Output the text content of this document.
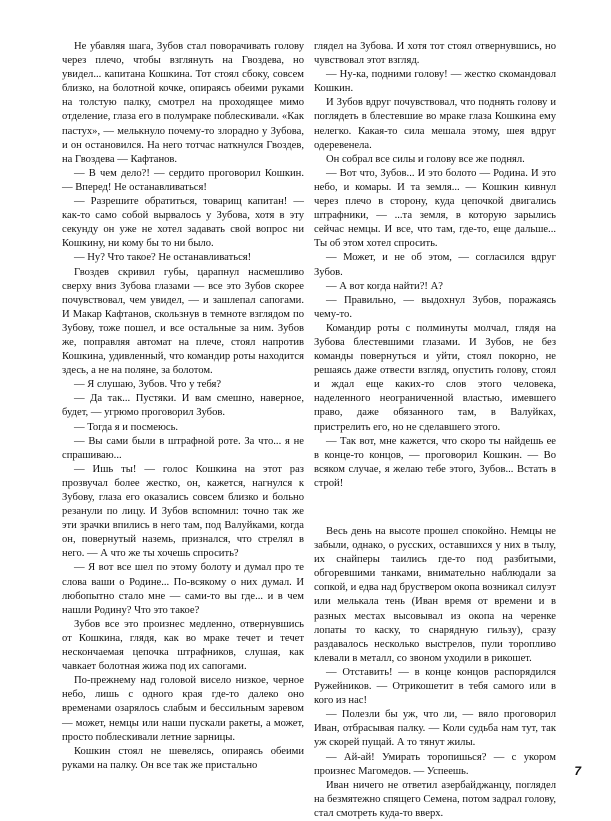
Не убавляя шага, Зубов стал поворачивать голову через плечо, чтобы взглянуть на Гвоздева, но увидел... капитана Кошкина. Тот стоял сбоку, совсем близко, на болотной кочке, опираясь обеими руками на толстую палку, смотрел на проходящее мимо отделение, глаза его в полумраке поблескивали. «Как пастух», — мелькнуло почему-то злорадно у Зубова, и он остановился. На него тотчас наткнулся Гвоздев, на Гвоздева — Кафтанов.

— В чем дело?! — сердито проговорил Кошкин. — Вперед! Не останавливаться!

— Разрешите обратиться, товарищ капитан! — как-то само собой вырвалось у Зубова, хотя в эту секунду он уже не хотел задавать свой вопрос ни Кошкину, ни кому бы то ни было.

— Ну? Что такое? Не останавливаться!

Гвоздев скривил губы, царапнул насмешливо сверху вниз Зубова глазами — все это Зубов скорее почувствовал, чем увидел, — и зашлепал сапогами. И Макар Кафтанов, скользнув в темноте взглядом по Зубову, тоже пошел, и все остальные за ним. Зубов же, поправляя автомат на плече, стоял напротив Кошкина, удивленный, что командир роты находится здесь, а не на поляне, за болотом.

— Я слушаю, Зубов. Что у тебя?

— Да так... Пустяки. И вам смешно, наверное, будет, — угрюмо проговорил Зубов.

— Тогда я и посмеюсь.

— Вы сами были в штрафной роте. За что... я не спрашиваю...

— Ишь ты! — голос Кошкина на этот раз прозвучал более жестко, он, кажется, нагнулся к Зубову, глаза его оказались совсем близко и больно резанули по лицу. И Зубов вспомнил: точно так же эти зрачки впились в него там, под Валуйками, когда он, повернутый наземь, признался, что стрелял в него. — А что же ты хочешь спросить?

— Я вот все шел по этому болоту и думал про те слова ваши о Родине... По-всякому о них думал. И любопытно стало мне — сами-то вы где... и в чем нашли Родину? Что это такое?

Зубов все это произнес медленно, отвернувшись от Кошкина, глядя, как во мраке течет и течет нескончаемая цепочка штрафников, слушая, как чавкает болотная жижа под их сапогами.

По-прежнему над головой висело низкое, черное небо, лишь с одного края где-то далеко оно временами озарялось слабым и бессильным заревом — может, немцы или наши пускали ракеты, а может, просто поблескивали летние зарницы.

Кошкин стоял не шевелясь, опираясь обеими руками на палку. Он все так же пристально

глядел на Зубова. И хотя тот стоял отвернувшись, но чувствовал этот взгляд.

— Ну-ка, подними голову! — жестко скомандовал Кошкин.

И Зубов вдруг почувствовал, что поднять голову и поглядеть в блестевшие во мраке глаза Кошкина ему нелегко. Какая-то сила мешала этому, шея вдруг одеревенела.

Он собрал все силы и голову все же поднял.

— Вот что, Зубов... И это болото — Родина. И это небо, и комары. И та земля... — Кошкин кивнул через плечо в сторону, куда цепочкой двигались штрафники, — ...та земля, в которую зарылись сейчас немцы. И все, что там, где-то, еще дальше... Ты об этом хотел спросить.

— Может, и не об этом, — согласился вдруг Зубов.

— А вот когда найти?! А?

— Правильно, — выдохнул Зубов, поражаясь чему-то.

Командир роты с полминуты молчал, глядя на Зубова блестевшими глазами. И Зубов, не без команды повернуться и уйти, стоял покорно, не решаясь даже отвести взгляд, опустить голову, стоял и ждал еще каких-то слов этого человека, наделенного неограниченной властью, имевшего право, даже обязанного там, в Валуйках, пристрелить его, но не сделавшего этого.

— Так вот, мне кажется, что скоро ты найдешь ее в конце-то концов, — проговорил Кошкин. — Во всяком случае, я желаю тебе этого, Зубов... Встать в строй!

Весь день на высоте прошел спокойно. Немцы не забыли, однако, о русских, оставшихся у них в тылу, их снайперы таились где-то под разбитыми, обгоревшими танками, внимательно наблюдали за сопкой, и едва над бруствером окопа возникал силуэт или мелькала тень (Иван время от времени и в разных местах высовывал из окопа на черенке лопаты то каску, то снарядную гильзу), сразу раздавалось несколько выстрелов, пули торопливо клевали в металл, со звоном уходили в рикошет.

— Отставить! — в конце концов распорядился Ружейников. — Отрикошетит в тебя самого или в кого из нас!

— Полезли бы уж, что ли, — вяло проговорил Иван, отбрасывая палку. — Коли судьба нам тут, так уж скорей пущай. А то тянут жилы.

— Ай-ай! Умирать торопишься? — с укором произнес Магомедов. — Успеешь.

Иван ничего не ответил азербайджанцу, поглядел на безмятежно спящего Семена, потом задрал голову, стал смотреть куда-то вверх.

7
